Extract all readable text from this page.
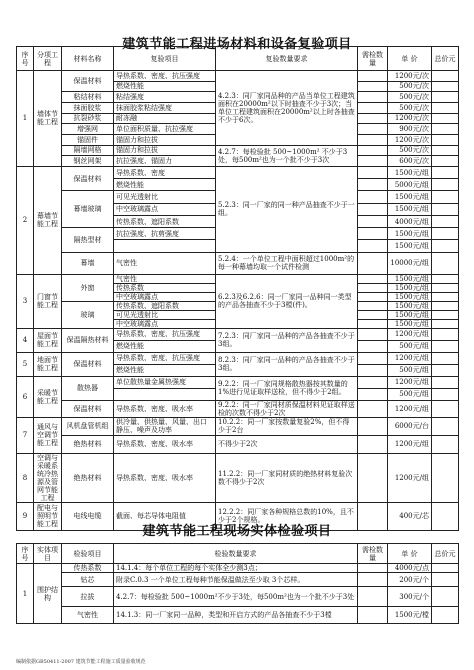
建筑节能工程进场材料和设备复验项目
序号	分项工程	材料名称	复验项目	复验数量要求	需检数量	单 价	总价元
1	墙体节能工程	保温材料	导热系数、密度、抗压强度	4.2.3：同厂家同品种的产品当单位工程建筑面积在20000m²以下时抽查不少于3次；当单位工程建筑面积在20000m²以上时各抽查不少于6次。		1200元/次	
			燃烧性能			500元/次	
		粘结材料	粘结强度			500元/次	
		抹面胶浆	抹面胶浆粘结强度			500元/次	
		抗裂砂浆	耐冻融			1200元/次	
		增强网	单位面积质量、抗拉强度			900元/次	
		锚固件	锚固力和拉拔			1200元/次	
		隔墙网格	锚固力和拉拔	4.2.7：每检验批 500~1000m² 不少于3处，每500m²也为一个批不少于3次		500元/次	
		钢丝网架	抗拉强度、锚固力			600元/次	
2	幕墙节能工程	保温材料	导热系数、密度	5.2.3：同一厂家的同一种产品抽查不少于一组。		1500元/组	
			燃烧性能			5000元/组	
		幕墙玻璃	可见光透射比			1500元/组	
			中空玻璃露点			1500元/组	
			传热系数、遮阳系数			4000元/组	
		隔热型材	抗拉强度、抗剪强度			1500元/组	
						1500元/组	
		幕墙	气密性	5.2.4：一个单位工程中面积超过1000m²的每一种幕墙均取一个试件检测		10000元/组	
3	门窗节能工程	外窗	气密性	6.2.3及6.2.6：同一厂家同一品种同一类型的产品各抽查不少于3樘(件)。		1500元/组	
			传热系数			1500元/组	
			中空玻璃露点			1500元/组	
		玻璃	传热系数、遮阳系数			1500元/组	
			可见光透射比			1500元/组	
			中空玻璃露点			1500元/组	
4	屋面节能工程	保温隔热材料	导热系数、密度、抗压强度	7.2.3：同厂家同一品种的产品各抽查不少于3组。		1200元/组	
			燃烧性能			500元/组	
5	地面节能工程	保温材料	导热系数、密度、抗压强度	8.2.3：同厂家同一品种的产品各抽查不少于3组。		1200元/组	
			燃烧性能			500元/组	
6	采暖节能工程	散热器	单位散热量金属热强度	9.2.2：同一厂家同规格散热器按其数量的1%进行见证取样送检，但不得少于2组。		1200元/组	
						500元/组	
		保温材料	导热系数、密度、吸水率	9.2.2：同一厂家同材质保温材料见证取样送检的次数不得少于2次		1200元/组	
7	通风与空调节能工程	风机盘管机组	供冷量、供热量、风量、出口静压、噪声及功率	10.2.2：同一厂家按数量复验2%，但不得少于2台		6000元/台	
		绝热材料	导热系数、密度、吸水率	不得少于2次		1200元/组	
8	空调与采暖系统冷热源及管网节能工程	绝热材料	导热系数、密度、吸水率	11.2.2：同一厂家同材质的绝热材料复验次数不得少于2次		1200元/组	
9	配电与照明节能工程	电线电缆	截面、每芯导体电阻值	12.2.2：同厂家各种规格总数的10%，且不少于2个规格。		400元/芯	
建筑节能工程现场实体检验项目
序号	实体项目	检验项目	检验数量要求	需检数量	单 价	总价元
1	围护结构	传热系数	14.1.4：每个单位工程的每个实体全少测3点；		4000元/点	
		钻芯	附录C.0.3 一个单位工程每种节能保温做法至少取 3个芯样。		200元/个	
		拉拔	4.2.7：每检验批 500~1000m²不少于3处，每500m²也为一个批不少于3处		300元/个	
		气密性	14.1.3：同一厂家同一品种，类型和开启方式的产品各抽查不少于3樘		1500元/樘	
编制依据GB50411-2007 建筑节能工程施工质量验收规范
